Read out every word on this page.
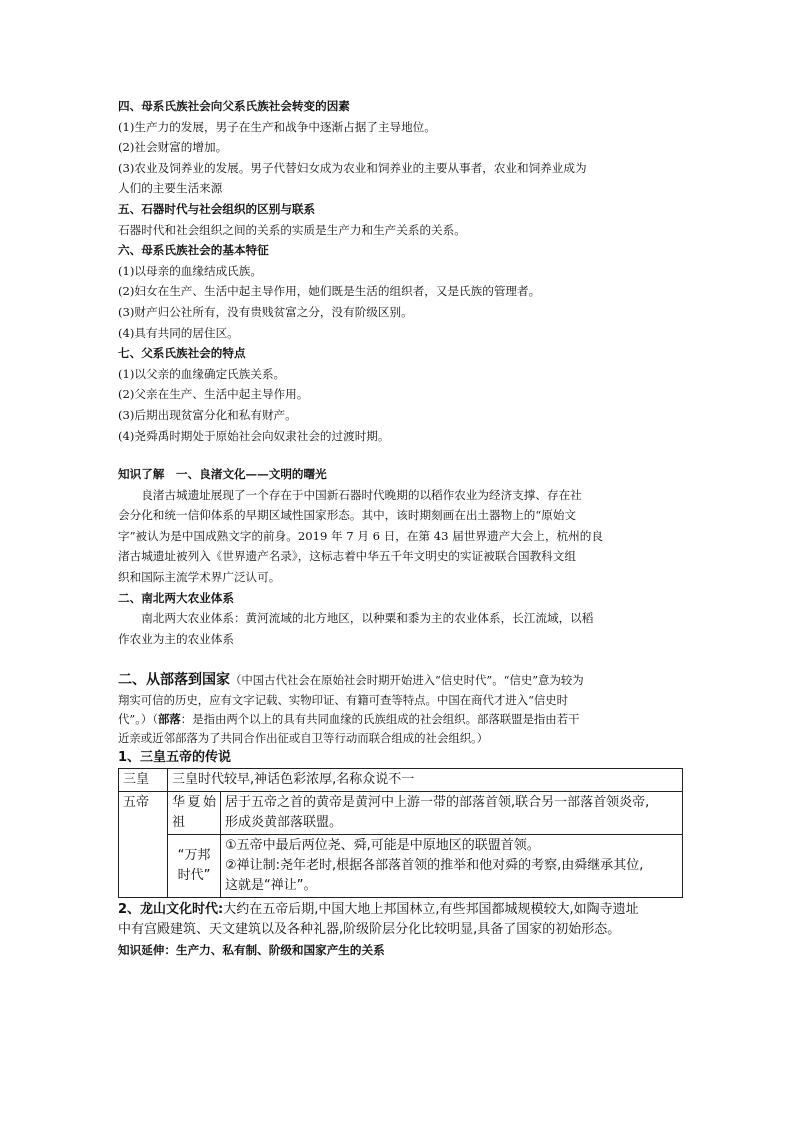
四、母系氏族社会向父系氏族社会转变的因素
(1)生产力的发展，男子在生产和战争中逐渐占据了主导地位。
(2)社会财富的增加。
(3)农业及饲养业的发展。男子代替妇女成为农业和饲养业的主要从事者，农业和饲养业成为
人们的主要生活来源
五、石器时代与社会组织的区别与联系
石器时代和社会组织之间的关系的实质是生产力和生产关系的关系。
六、母系氏族社会的基本特征
(1)以母亲的血缘结成氏族。
(2)妇女在生产、生活中起主导作用，她们既是生活的组织者，又是氏族的管理者。
(3)财产归公社所有，没有贵贱贫富之分，没有阶级区别。
(4)具有共同的居住区。
七、父系氏族社会的特点
(1)以父亲的血缘确定氏族关系。
(2)父亲在生产、生活中起主导作用。
(3)后期出现贫富分化和私有财产。
(4)尧舜禹时期处于原始社会向奴隶社会的过渡时期。
知识了解　一、良渚文化——文明的曙光
良渚古城遗址展现了一个存在于中国新石器时代晚期的以稻作农业为经济支撑、存在社
会分化和统一信仰体系的早期区域性国家形态。其中，该时期刻画在出土器物上的“原始文
字”被认为是中国成熟文字的前身。2019 年 7 月 6 日，在第 43 届世界遗产大会上，杭州的良
渚古城遗址被列入《世界遗产名录》，这标志着中华五千年文明史的实证被联合国教科文组
织和国际主流学术界广泛认可。
二、南北两大农业体系
南北两大农业体系：黄河流域的北方地区，以种粟和黍为主的农业体系，长江流域，以稻
作农业为主的农业体系
二、从部落到国家（中国古代社会在原始社会时期开始进入“信史时代”。“信史”意为较为
翔实可信的历史，应有文字记载、实物印证、有籍可查等特点。中国在商代才进入“信史时
代”。）（部落：是指由两个以上的具有共同血缘的氏族组成的社会组织。部落联盟是指由若干
近亲或近邻部落为了共同合作出征或自卫等行动而联合组成的社会组织。）
1、三皇五帝的传说
三皇	三皇时代较早,神话色彩浓厚,名称众说不一	
五帝	华夏始祖	居于五帝之首的黄帝是黄河中上游一带的部落首领,联合另一部落首领炎帝,
形成炎黄部落联盟。

	“万邦时代”	①五帝中最后两位尧、舜,可能是中原地区的联盟首领。
②禅让制:尧年老时,根据各部落首领的推举和他对舜的考察,由舜继承其位,
这就是“禅让”。
2、龙山文化时代:大约在五帝后期,中国大地上邦国林立,有些邦国都城规模较大,如陶寺遗址
中有宫殿建筑、天文建筑以及各种礼器,阶级阶层分化比较明显,具备了国家的初始形态。
知识延伸：生产力、私有制、阶级和国家产生的关系
